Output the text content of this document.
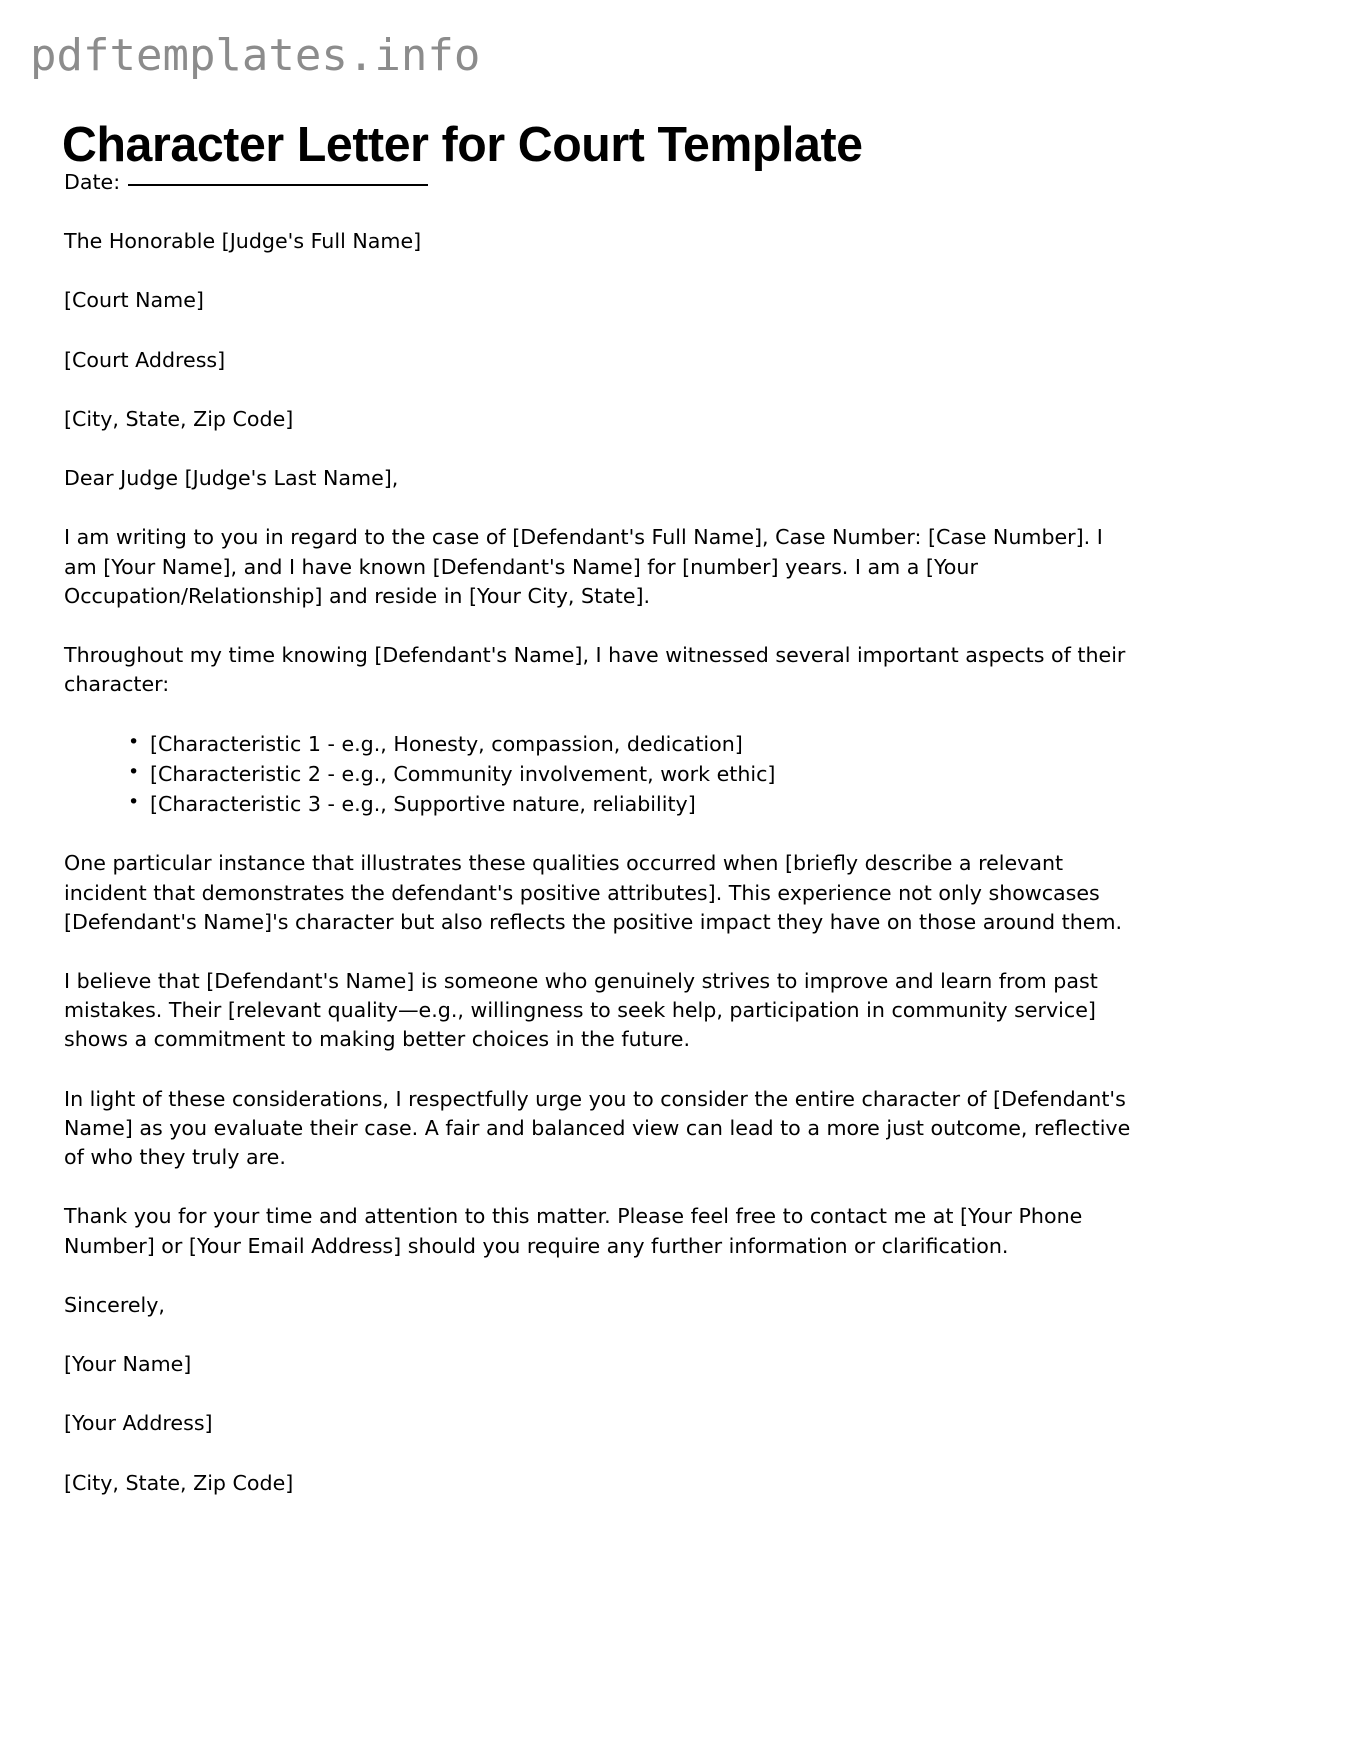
pdftemplates.info
Character Letter for Court Template

Date:

The Honorable [Judge's Full Name]

[Court Name]

[Court Address]

[City, State, Zip Code]

Dear Judge [Judge's Last Name],

I am writing to you in regard to the case of [Defendant's Full Name], Case Number: [Case Number]. I am [Your Name], and I have known [Defendant's Name] for [number] years. I am a [Your Occupation/Relationship] and reside in [Your City, State].

Throughout my time knowing [Defendant's Name], I have witnessed several important aspects of their character:

• [Characteristic 1 - e.g., Honesty, compassion, dedication]
• [Characteristic 2 - e.g., Community involvement, work ethic]
• [Characteristic 3 - e.g., Supportive nature, reliability]

One particular instance that illustrates these qualities occurred when [briefly describe a relevant incident that demonstrates the defendant's positive attributes]. This experience not only showcases [Defendant's Name]'s character but also reflects the positive impact they have on those around them.

I believe that [Defendant's Name] is someone who genuinely strives to improve and learn from past mistakes. Their [relevant quality—e.g., willingness to seek help, participation in community service] shows a commitment to making better choices in the future.

In light of these considerations, I respectfully urge you to consider the entire character of [Defendant's Name] as you evaluate their case. A fair and balanced view can lead to a more just outcome, reflective of who they truly are.

Thank you for your time and attention to this matter. Please feel free to contact me at [Your Phone Number] or [Your Email Address] should you require any further information or clarification.

Sincerely,

[Your Name]

[Your Address]

[City, State, Zip Code]
